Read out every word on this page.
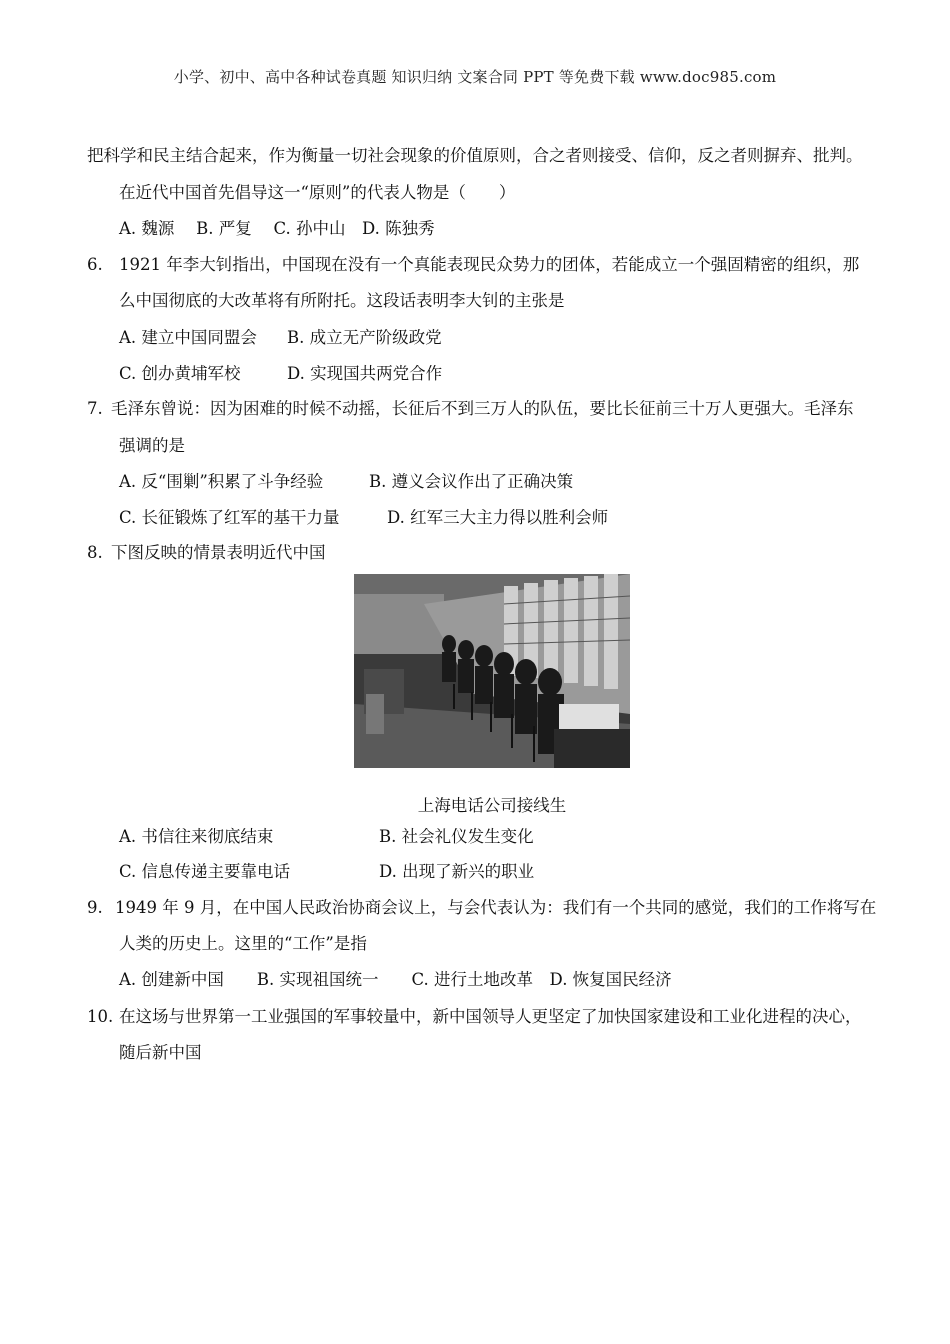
小学、初中、高中各种试卷真题 知识归纳 文案合同 PPT 等免费下载 www.doc985.com
把科学和民主结合起来，作为衡量一切社会现象的价值原则，合之者则接受、信仰，反之者则摒弃、批判。
在近代中国首先倡导这一“原则”的代表人物是（　　）
A. 魏源　 B. 严复　 C. 孙中山　D. 陈独秀
6. 1921 年李大钊指出，中国现在没有一个真能表现民众势力的团体，若能成立一个强固精密的组织，那
么中国彻底的大改革将有所附托。这段话表明李大钊的主张是
A. 建立中国同盟会 B. 成立无产阶级政党
C. 创办黄埔军校	D. 实现国共两党合作
7. 毛泽东曾说：因为困难的时候不动摇，长征后不到三万人的队伍，要比长征前三十万人更强大。毛泽东
强调的是
A. 反“围剿”积累了斗争经验	B. 遵义会议作出了正确决策
C. 长征锻炼了红军的基干力量	D. 红军三大主力得以胜利会师
8. 下图反映的情景表明近代中国
上海电话公司接线生
A. 书信往来彻底结束	B. 社会礼仪发生变化
C. 信息传递主要靠电话	D. 出现了新兴的职业
9. 1949 年 9 月，在中国人民政治协商会议上，与会代表认为：我们有一个共同的感觉，我们的工作将写在
人类的历史上。这里的“工作”是指
A. 创建新中国　　B. 实现祖国统一　　C. 进行土地改革　D. 恢复国民经济
10. 在这场与世界第一工业强国的军事较量中，新中国领导人更坚定了加快国家建设和工业化进程的决心，
随后新中国
